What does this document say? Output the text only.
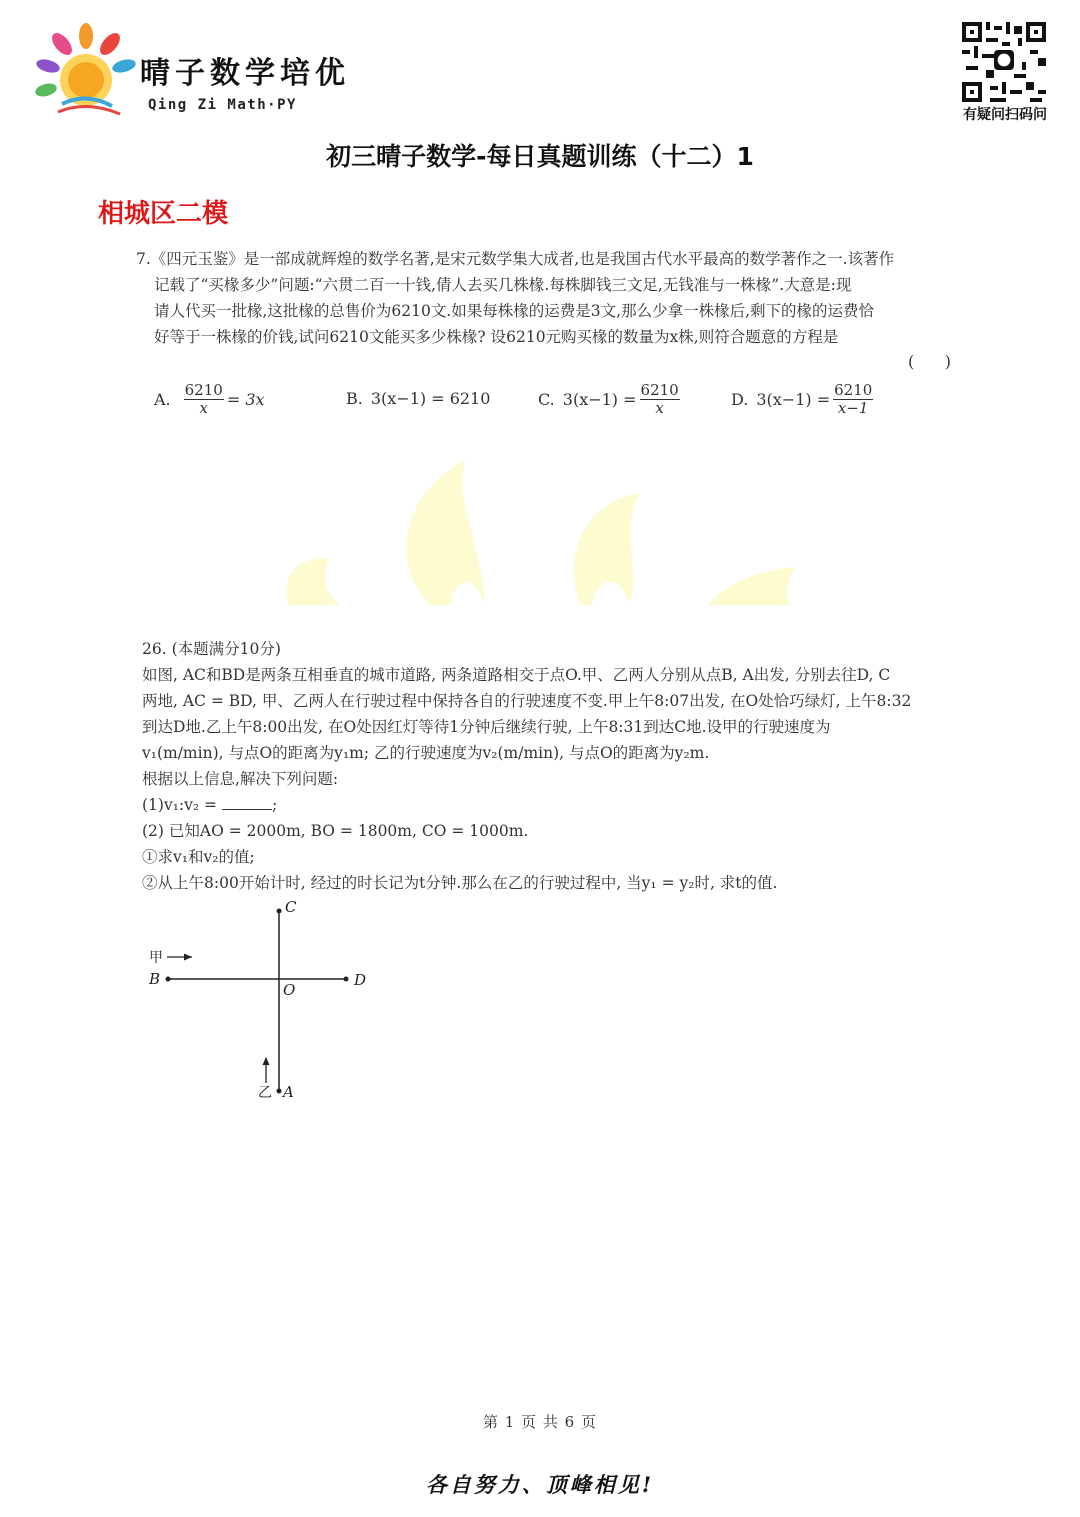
晴子数学培优
Qing Zi Math·PY
有疑问扫码问
初三晴子数学-每日真题训练（十二）1
相城区二模
7.《四元玉鉴》是一部成就辉煌的数学名著,是宋元数学集大成者,也是我国古代水平最高的数学著作之一.该著作
记载了“买椽多少”问题:“六贯二百一十钱,倩人去买几株椽.每株脚钱三文足,无钱准与一株椽”.大意是:现
请人代买一批椽,这批椽的总售价为6210文.如果每株椽的运费是3文,那么少拿一株椽后,剩下的椽的运费恰
好等于一株椽的价钱,试问6210文能买多少株椽? 设6210元购买椽的数量为x株,则符合题意的方程是
(      )
A. $\frac{6210}{x} = 3x$	B. 3(x−1) = 6210	C. $3(x-1) = \frac{6210}{x}$	D. $3(x-1) = \frac{6210}{x-1}$
26. (本题满分10分)
如图, AC和BD是两条互相垂直的城市道路, 两条道路相交于点O.甲、乙两人分别从点B, A出发, 分别去往D, C
两地, AC = BD, 甲、乙两人在行驶过程中保持各自的行驶速度不变.甲上午8:07出发, 在O处恰巧绿灯, 上午8:32
到达D地.乙上午8:00出发, 在O处因红灯等待1分钟后继续行驶, 上午8:31到达C地.设甲的行驶速度为
v₁(m/min), 与点O的距离为y₁m; 乙的行驶速度为v₂(m/min), 与点O的距离为y₂m.
根据以上信息,解决下列问题:
(1)v₁:v₂ =	;
(2) 已知AO = 2000m, BO = 1800m, CO = 1000m.
①求v₁和v₂的值;
②从上午8:00开始计时, 经过的时长记为t分钟.那么在乙的行驶过程中, 当y₁ = y₂时, 求t的值.
C
甲
B
O
D
乙 A
第 1 页 共 6 页
各自努力、顶峰相见!
